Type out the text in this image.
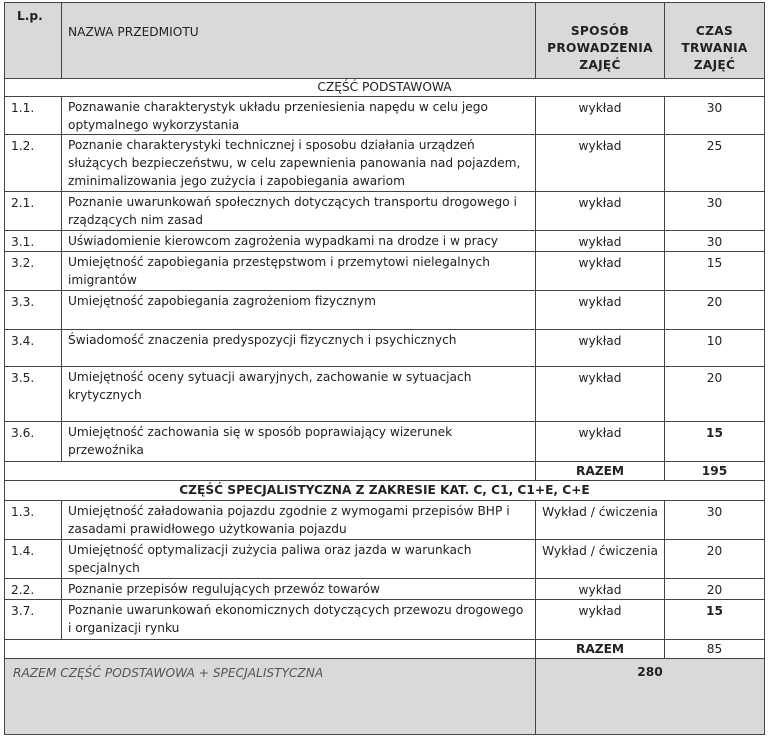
L.p.	NAZWA PRZEDMIOTU	SPOSÓB PROWADZENIA ZAJĘĆ	CZAS TRWANIA ZAJĘĆ
CZĘŚĆ PODSTAWOWA			
1.1.	Poznawanie charakterystyk układu przeniesienia napędu w celu jego optymalnego wykorzystania	wykład	30
1.2.	Poznanie charakterystyki technicznej i sposobu działania urządzeń służących bezpieczeństwu, w celu zapewnienia panowania nad pojazdem, zminimalizowania jego zużycia i zapobiegania awariom	wykład	25
2.1.	Poznanie uwarunkowań społecznych dotyczących transportu drogowego i rządzących nim zasad	wykład	30
3.1.	Uświadomienie kierowcom zagrożenia wypadkami na drodze i w pracy	wykład	30
3.2.	Umiejętność zapobiegania przestępstwom i przemytowi nielegalnych imigrantów	wykład	15
3.3.	Umiejętność zapobiegania zagrożeniom fizycznym	wykład	20
3.4.	Świadomość znaczenia predyspozycji fizycznych i psychicznych	wykład	10
3.5.	Umiejętność oceny sytuacji awaryjnych, zachowanie w sytuacjach krytycznych	wykład	20
3.6.	Umiejętność zachowania się w sposób poprawiający wizerunek przewoźnika	wykład	15
		RAZEM	195
CZĘŚĆ SPECJALISTYCZNA Z ZAKRESIE KAT. C, C1, C1+E, C+E			
1.3.	Umiejętność załadowania pojazdu zgodnie z wymogami przepisów BHP i zasadami prawidłowego użytkowania pojazdu	Wykład / ćwiczenia	30
1.4.	Umiejętność optymalizacji zużycia paliwa oraz jazda w warunkach specjalnych	Wykład / ćwiczenia	20
2.2.	Poznanie przepisów regulujących przewóz towarów	wykład	20
3.7.	Poznanie uwarunkowań ekonomicznych dotyczących przewozu drogowego i organizacji rynku	wykład	15
		RAZEM	85
RAZEM CZĘŚĆ PODSTAWOWA + SPECJALISTYCZNA		280	
